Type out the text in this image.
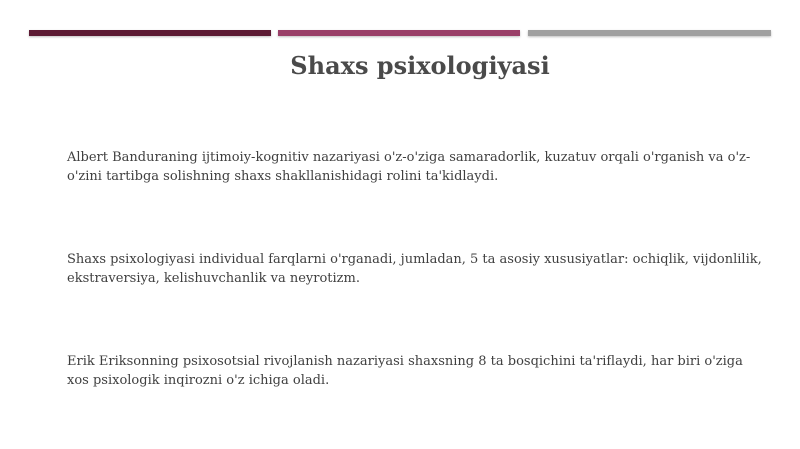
Shaxs psixologiyasi

Albert Banduraning ijtimoiy-kognitiv nazariyasi o'z-o'ziga samaradorlik, kuzatuv orqali o'rganish va o'z-o'zini tartibga solishning shaxs shakllanishidagi rolini ta'kidlaydi.

Shaxs psixologiyasi individual farqlarni o'rganadi, jumladan, 5 ta asosiy xususiyatlar: ochiqlik, vijdonlilik, ekstraversiya, kelishuvchanlik va neyrotizm.

Erik Eriksonning psixosotsial rivojlanish nazariyasi shaxsning 8 ta bosqichini ta'riflaydi, har biri o'ziga xos psixologik inqirozni o'z ichiga oladi.
